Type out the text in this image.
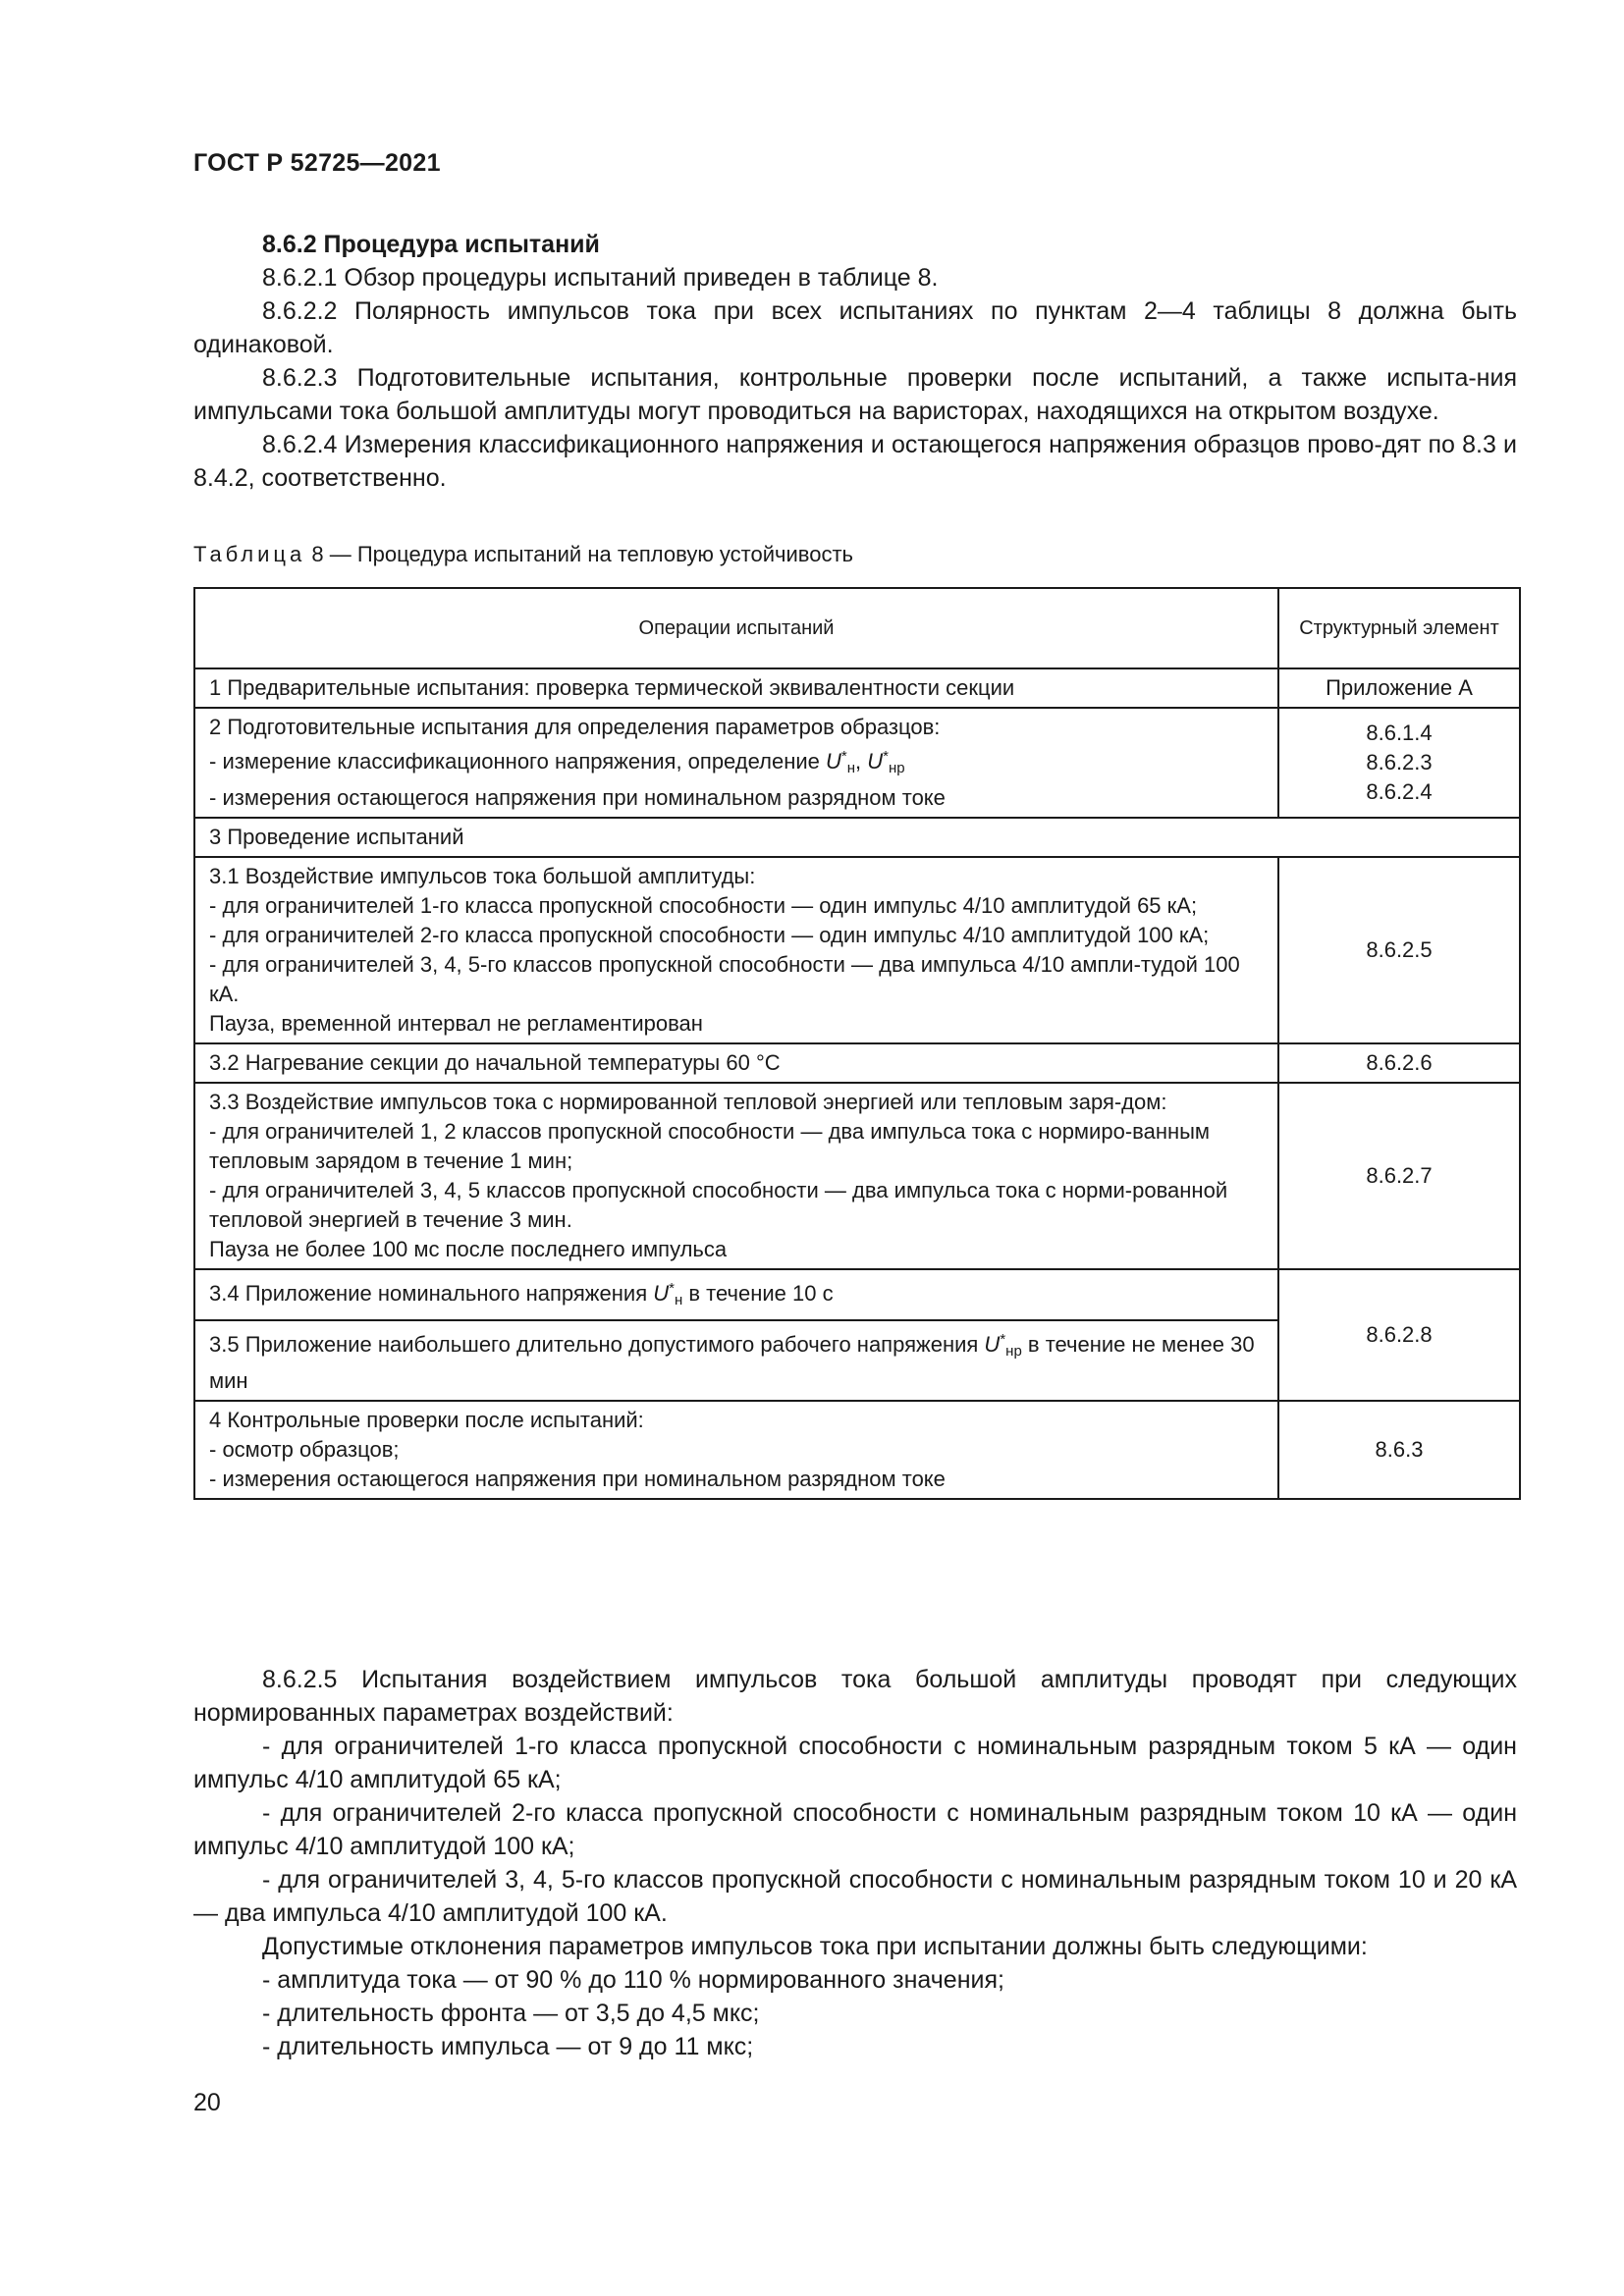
ГОСТ Р 52725—2021

8.6.2 Процедура испытаний

8.6.2.1 Обзор процедуры испытаний приведен в таблице 8.

8.6.2.2 Полярность импульсов тока при всех испытаниях по пунктам 2—4 таблицы 8 должна быть одинаковой.

8.6.2.3 Подготовительные испытания, контрольные проверки после испытаний, а также испыта-ния импульсами тока большой амплитуды могут проводиться на варисторах, находящихся на открытом воздухе.

8.6.2.4 Измерения классификационного напряжения и остающегося напряжения образцов прово-дят по 8.3 и 8.4.2, соответственно.

Таблица 8 — Процедура испытаний на тепловую устойчивость
Операции испытаний	Структурный элемент

1 Предварительные испытания: проверка термической эквивалентности секции	Приложение А

2 Подготовительные испытания для определения параметров образцов:
- измерение классификационного напряжения, определение $U^*_н$, $U^*_{нр}$
- измерения остающегося напряжения при номинальном разрядном токе	8.6.1.4
8.6.2.3
8.6.2.4

3 Проведение испытаний	

3.1 Воздействие импульсов тока большой амплитуды:
- для ограничителей 1-го класса пропускной способности — один импульс 4/10 амплитудой 65 кА;
- для ограничителей 2-го класса пропускной способности — один импульс 4/10 амплитудой 100 кА;
- для ограничителей 3, 4, 5-го классов пропускной способности — два импульса 4/10 ампли-тудой 100 кА.
Пауза, временной интервал не регламентирован	8.6.2.5

3.2 Нагревание секции до начальной температуры 60 °С	8.6.2.6

3.3 Воздействие импульсов тока с нормированной тепловой энергией или тепловым заря-дом:
- для ограничителей 1, 2 классов пропускной способности — два импульса тока с нормиро-ванным тепловым зарядом в течение 1 мин;
- для ограничителей 3, 4, 5 классов пропускной способности — два импульса тока с норми-рованной тепловой энергией в течение 3 мин.
Пауза не более 100 мс после последнего импульса	8.6.2.7

3.4 Приложение номинального напряжения $U^*_н$ в течение 10 с	8.6.2.8

3.5 Приложение наибольшего длительно допустимого рабочего напряжения $U^*_{нр}$ в течение не менее 30 мин	

4 Контрольные проверки после испытаний:
- осмотр образцов;
- измерения остающегося напряжения при номинальном разрядном токе	8.6.3

8.6.2.5 Испытания воздействием импульсов тока большой амплитуды проводят при следующих нормированных параметрах воздействий:

- для ограничителей 1-го класса пропускной способности с номинальным разрядным током 5 кА — один импульс 4/10 амплитудой 65 кА;

- для ограничителей 2-го класса пропускной способности с номинальным разрядным током 10 кА — один импульс 4/10 амплитудой 100 кА;

- для ограничителей 3, 4, 5-го классов пропускной способности с номинальным разрядным током 10 и 20 кА — два импульса 4/10 амплитудой 100 кА.

Допустимые отклонения параметров импульсов тока при испытании должны быть следующими:

- амплитуда тока — от 90 % до 110 % нормированного значения;

- длительность фронта — от 3,5 до 4,5 мкс;

- длительность импульса — от 9 до 11 мкс;

20
